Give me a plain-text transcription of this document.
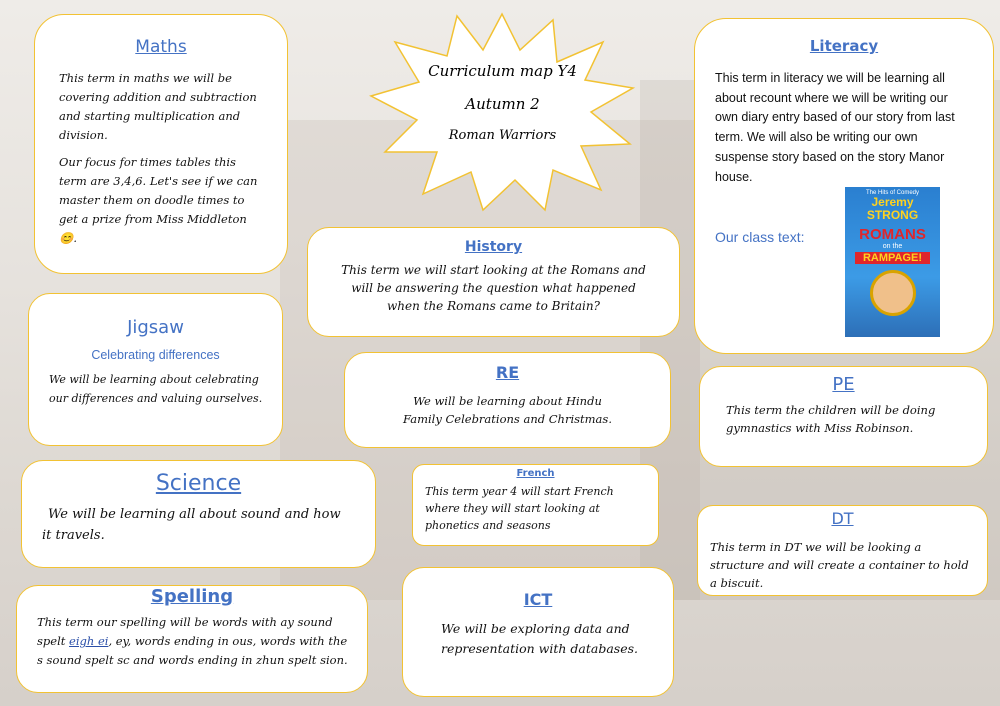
Curriculum map Y4
Autumn 2
Roman Warriors
Maths
This term in maths we will be covering addition and subtraction and starting multiplication and division.
Our focus for times tables this term are 3,4,6. Let's see if we can master them on doodle times to get a prize from Miss Middleton 😊.
Literacy
This term in literacy we will be learning all about recount where we will be writing our own diary entry based of our story from last term. We will also be writing our own suspense story based on the story Manor house.
Our class text:
The Hits of Comedy
Jeremy STRONG
ROMANS
on the
RAMPAGE!
History
This term we will start looking at the Romans and will be answering the question what happened when the Romans came to Britain?
Jigsaw
Celebrating differences
We will be learning about celebrating our differences and valuing ourselves.
RE
We will be learning about Hindu Family Celebrations and Christmas.
PE
This term the children will be doing gymnastics with Miss Robinson.
Science
We will be learning all about sound and how it travels.
French
This term year 4 will start French where they will start looking at phonetics and seasons	DT
This term in DT we will be looking a structure and will create a container to hold a biscuit.
Spelling
This term our spelling will be words with ay sound spelt eigh ei, ey, words ending in ous, words with the s sound spelt sc and words ending in zhun spelt sion.
ICT
We will be exploring data and representation with databases.
